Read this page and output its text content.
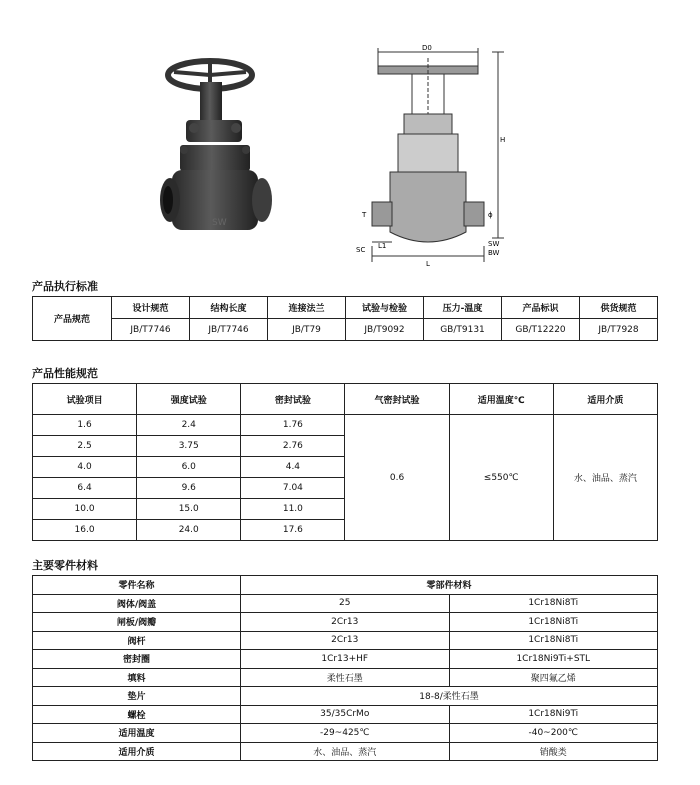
SW
D0
H
T	ϕ
SC L1
L
SW
BW
产品执行标准
产品规范	设计规范	结构长度	连接法兰	试验与检验	压力-温度	产品标识	供货规范
	JB/T7746	JB/T7746	JB/T79	JB/T9092	GB/T9131	GB/T12220	JB/T7928
产品性能规范
试验项目	强度试验	密封试验	气密封试验	适用温度℃	适用介质
1.6	2.4	1.76	0.6	≤550℃	水、油品、蒸汽
2.5	3.75	2.76			
4.0	6.0	4.4			
6.4	9.6	7.04			
10.0	15.0	11.0			
16.0	24.0	17.6			
主要零件材料
零件名称	零部件材料	
阀体/阀盖	25	1Cr18Ni8Ti
闸板/阀瓣	2Cr13	1Cr18Ni8Ti
阀杆	2Cr13	1Cr18Ni8Ti
密封圈	1Cr13+HF	1Cr18Ni9Ti+STL
填料	柔性石墨	聚四氟乙烯
垫片	18-8/柔性石墨	
螺栓	35/35CrMo	1Cr18Ni9Ti
适用温度	-29~425℃	-40~200℃
适用介质	水、油品、蒸汽	销酸类
